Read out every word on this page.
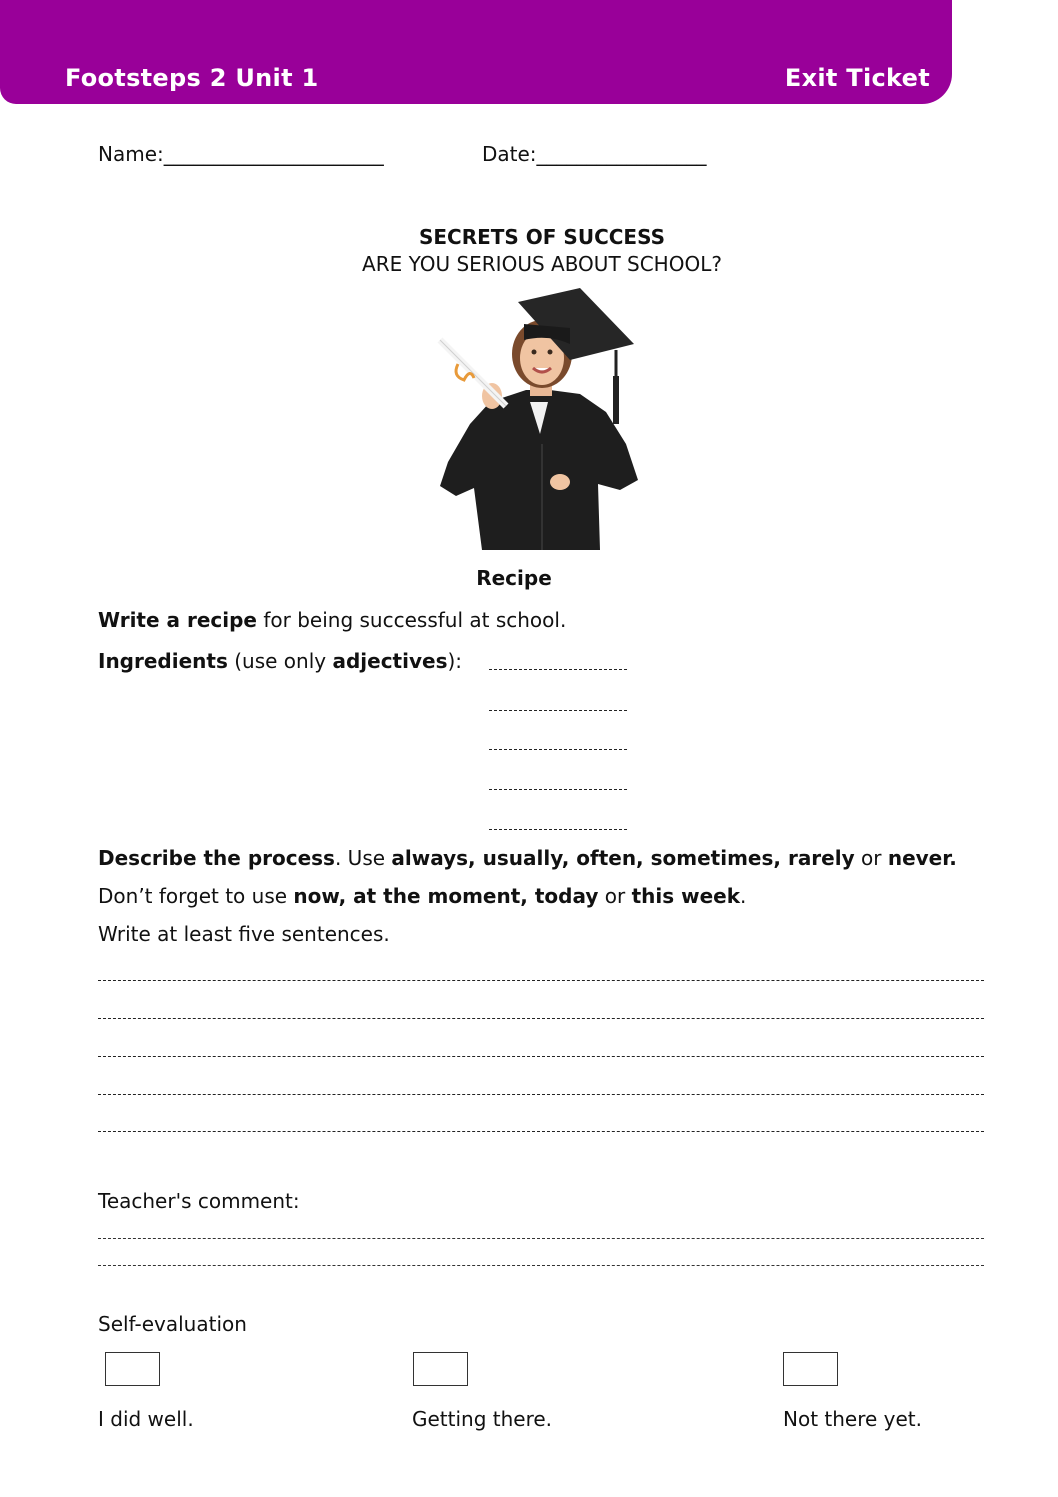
Footsteps 2 Unit 1	Exit Ticket
Name:______________________	Date:_________________
SECRETS OF SUCCESS
ARE YOU SERIOUS ABOUT SCHOOL?
Recipe
Write a recipe for being successful at school.
Ingredients (use only adjectives):
Describe the process. Use always, usually, often, sometimes, rarely or never.
Don’t forget to use now, at the moment, today or this week.
Write at least five sentences.
Teacher's comment:
Self-evaluation
I did well.	Getting there.	Not there yet.
